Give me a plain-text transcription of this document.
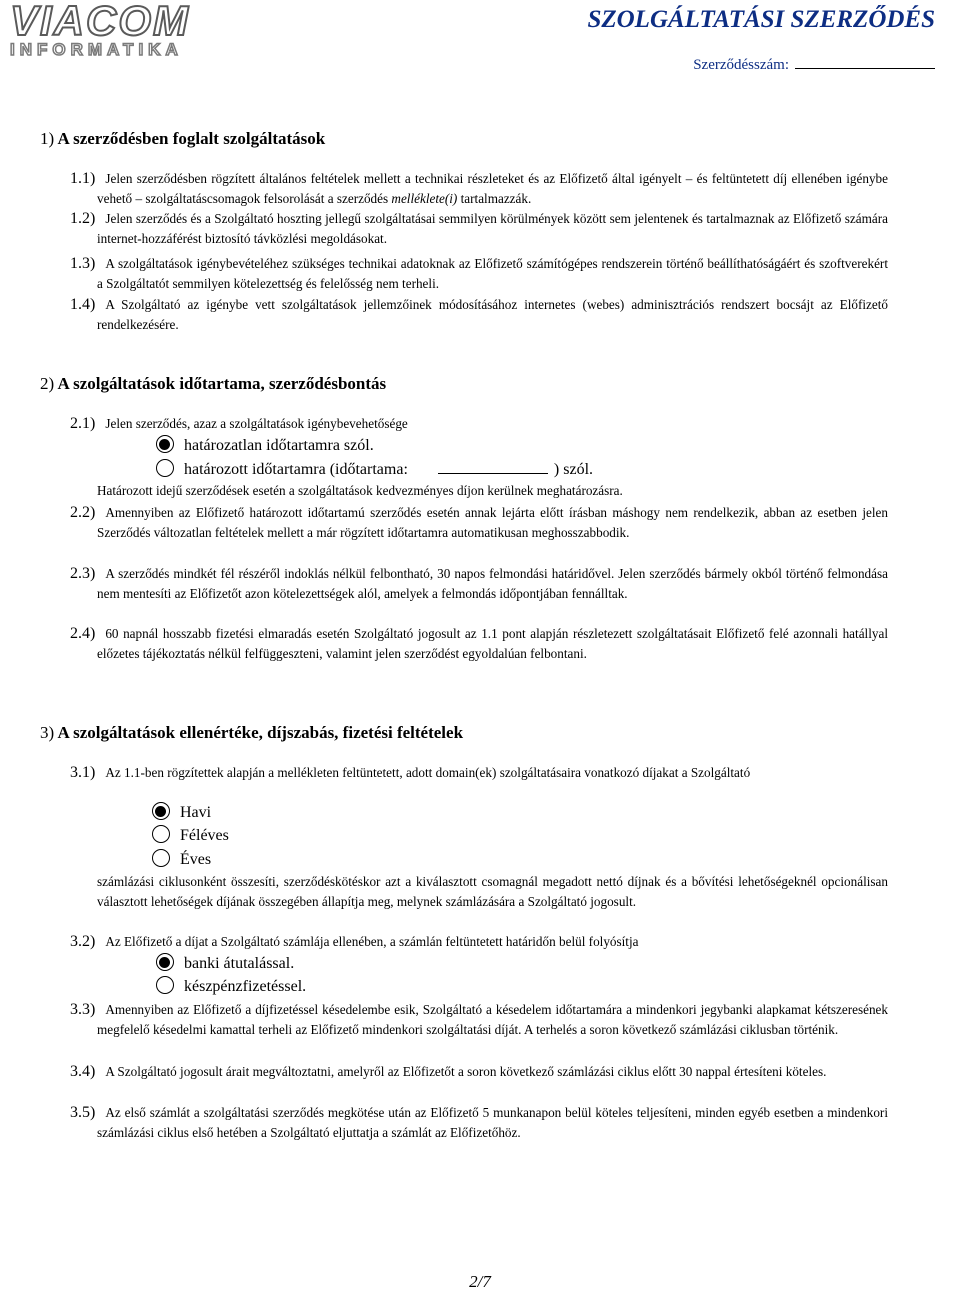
VIACOM
INFORMATIKA
SZOLGÁLTATÁSI SZERZŐDÉS
Szerződésszám:
1) A szerződésben foglalt szolgáltatások
1.1) Jelen szerződésben rögzített általános feltételek mellett a technikai részleteket és az Előfizető által igényelt – és feltüntetett díj ellenében igénybe vehető – szolgáltatáscsomagok felsorolását a szerződés melléklete(i) tartalmazzák.
1.2) Jelen szerződés és a Szolgáltató hoszting jellegű szolgáltatásai semmilyen körülmények között sem jelentenek és tartalmaznak az Előfizető számára internet-hozzáférést biztosító távközlési megoldásokat.
1.3) A szolgáltatások igénybevételéhez szükséges technikai adatoknak az Előfizető számítógépes rendszerein történő beállíthatóságáért és szoftverekért a Szolgáltatót semmilyen kötelezettség és felelősség nem terheli.
1.4) A Szolgáltató az igénybe vett szolgáltatások jellemzőinek módosításához internetes (webes) adminisztrációs rendszert bocsájt az Előfizető rendelkezésére.
2) A szolgáltatások időtartama, szerződésbontás
2.1) Jelen szerződés, azaz a szolgáltatások igénybevehetősége
határozatlan időtartamra szól.
határozott időtartamra (időtartama:	) szól.
Határozott idejű szerződések esetén a szolgáltatások kedvezményes díjon kerülnek meghatározásra.
2.2) Amennyiben az Előfizető határozott időtartamú szerződés esetén annak lejárta előtt írásban máshogy nem rendelkezik, abban az esetben jelen Szerződés változatlan feltételek mellett a már rögzített időtartamra automatikusan meghosszabbodik.
2.3) A szerződés mindkét fél részéről indoklás nélkül felbontható, 30 napos felmondási határidővel. Jelen szerződés bármely okból történő felmondása nem mentesíti az Előfizetőt azon kötelezettségek alól, amelyek a felmondás időpontjában fennálltak.
2.4) 60 napnál hosszabb fizetési elmaradás esetén Szolgáltató jogosult az 1.1 pont alapján részletezett szolgáltatásait Előfizető felé azonnali hatállyal előzetes tájékoztatás nélkül felfüggeszteni, valamint jelen szerződést egyoldalúan felbontani.
3) A szolgáltatások ellenértéke, díjszabás, fizetési feltételek
3.1) Az 1.1-ben rögzítettek alapján a mellékleten feltüntetett, adott domain(ek) szolgáltatásaira vonatkozó díjakat a Szolgáltató
Havi
Féléves
Éves
számlázási ciklusonként összesíti, szerződéskötéskor azt a kiválasztott csomagnál megadott nettó díjnak és a bővítési lehetőségeknél opcionálisan választott lehetőségek díjának összegében állapítja meg, melynek számlázására a Szolgáltató jogosult.
3.2) Az Előfizető a díjat a Szolgáltató számlája ellenében, a számlán feltüntetett határidőn belül folyósítja
banki átutalással.
készpénzfizetéssel.
3.3) Amennyiben az Előfizető a díjfizetéssel késedelembe esik, Szolgáltató a késedelem időtartamára a mindenkori jegybanki alapkamat kétszeresének megfelelő késedelmi kamattal terheli az Előfizető mindenkori szolgáltatási díját. A terhelés a soron következő számlázási ciklusban történik.
3.4) A Szolgáltató jogosult árait megváltoztatni, amelyről az Előfizetőt a soron következő számlázási ciklus előtt 30 nappal értesíteni köteles.
3.5) Az első számlát a szolgáltatási szerződés megkötése után az Előfizető 5 munkanapon belül köteles teljesíteni, minden egyéb esetben a mindenkori számlázási ciklus első hetében a Szolgáltató eljuttatja a számlát az Előfizetőhöz.
2/7
